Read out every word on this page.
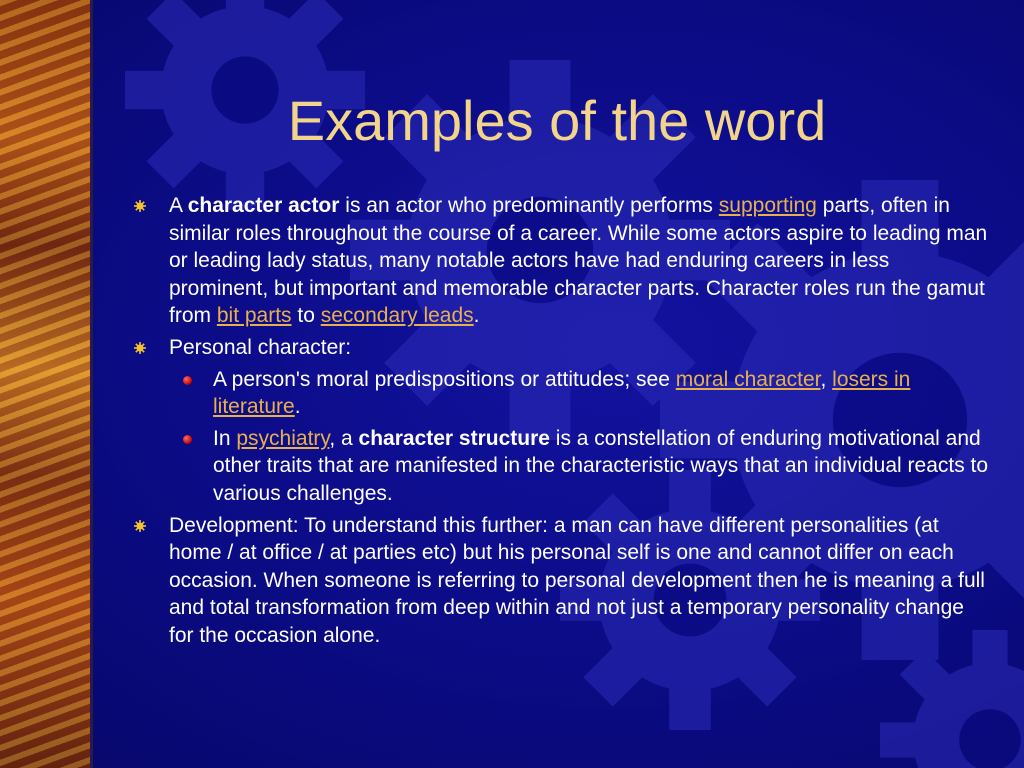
Examples of the word
A character actor is an actor who predominantly performs supporting parts, often in similar roles throughout the course of a career. While some actors aspire to leading man or leading lady status, many notable actors have had enduring careers in less prominent, but important and memorable character parts. Character roles run the gamut from bit parts to secondary leads.
Personal character:
A person's moral predispositions or attitudes; see moral character, losers in literature.
In psychiatry, a character structure is a constellation of enduring motivational and other traits that are manifested in the characteristic ways that an individual reacts to various challenges.
Development: To understand this further: a man can have different personalities (at home / at office / at parties etc) but his personal self is one and cannot differ on each occasion. When someone is referring to personal development then he is meaning a full and total transformation from deep within and not just a temporary personality change for the occasion alone.
